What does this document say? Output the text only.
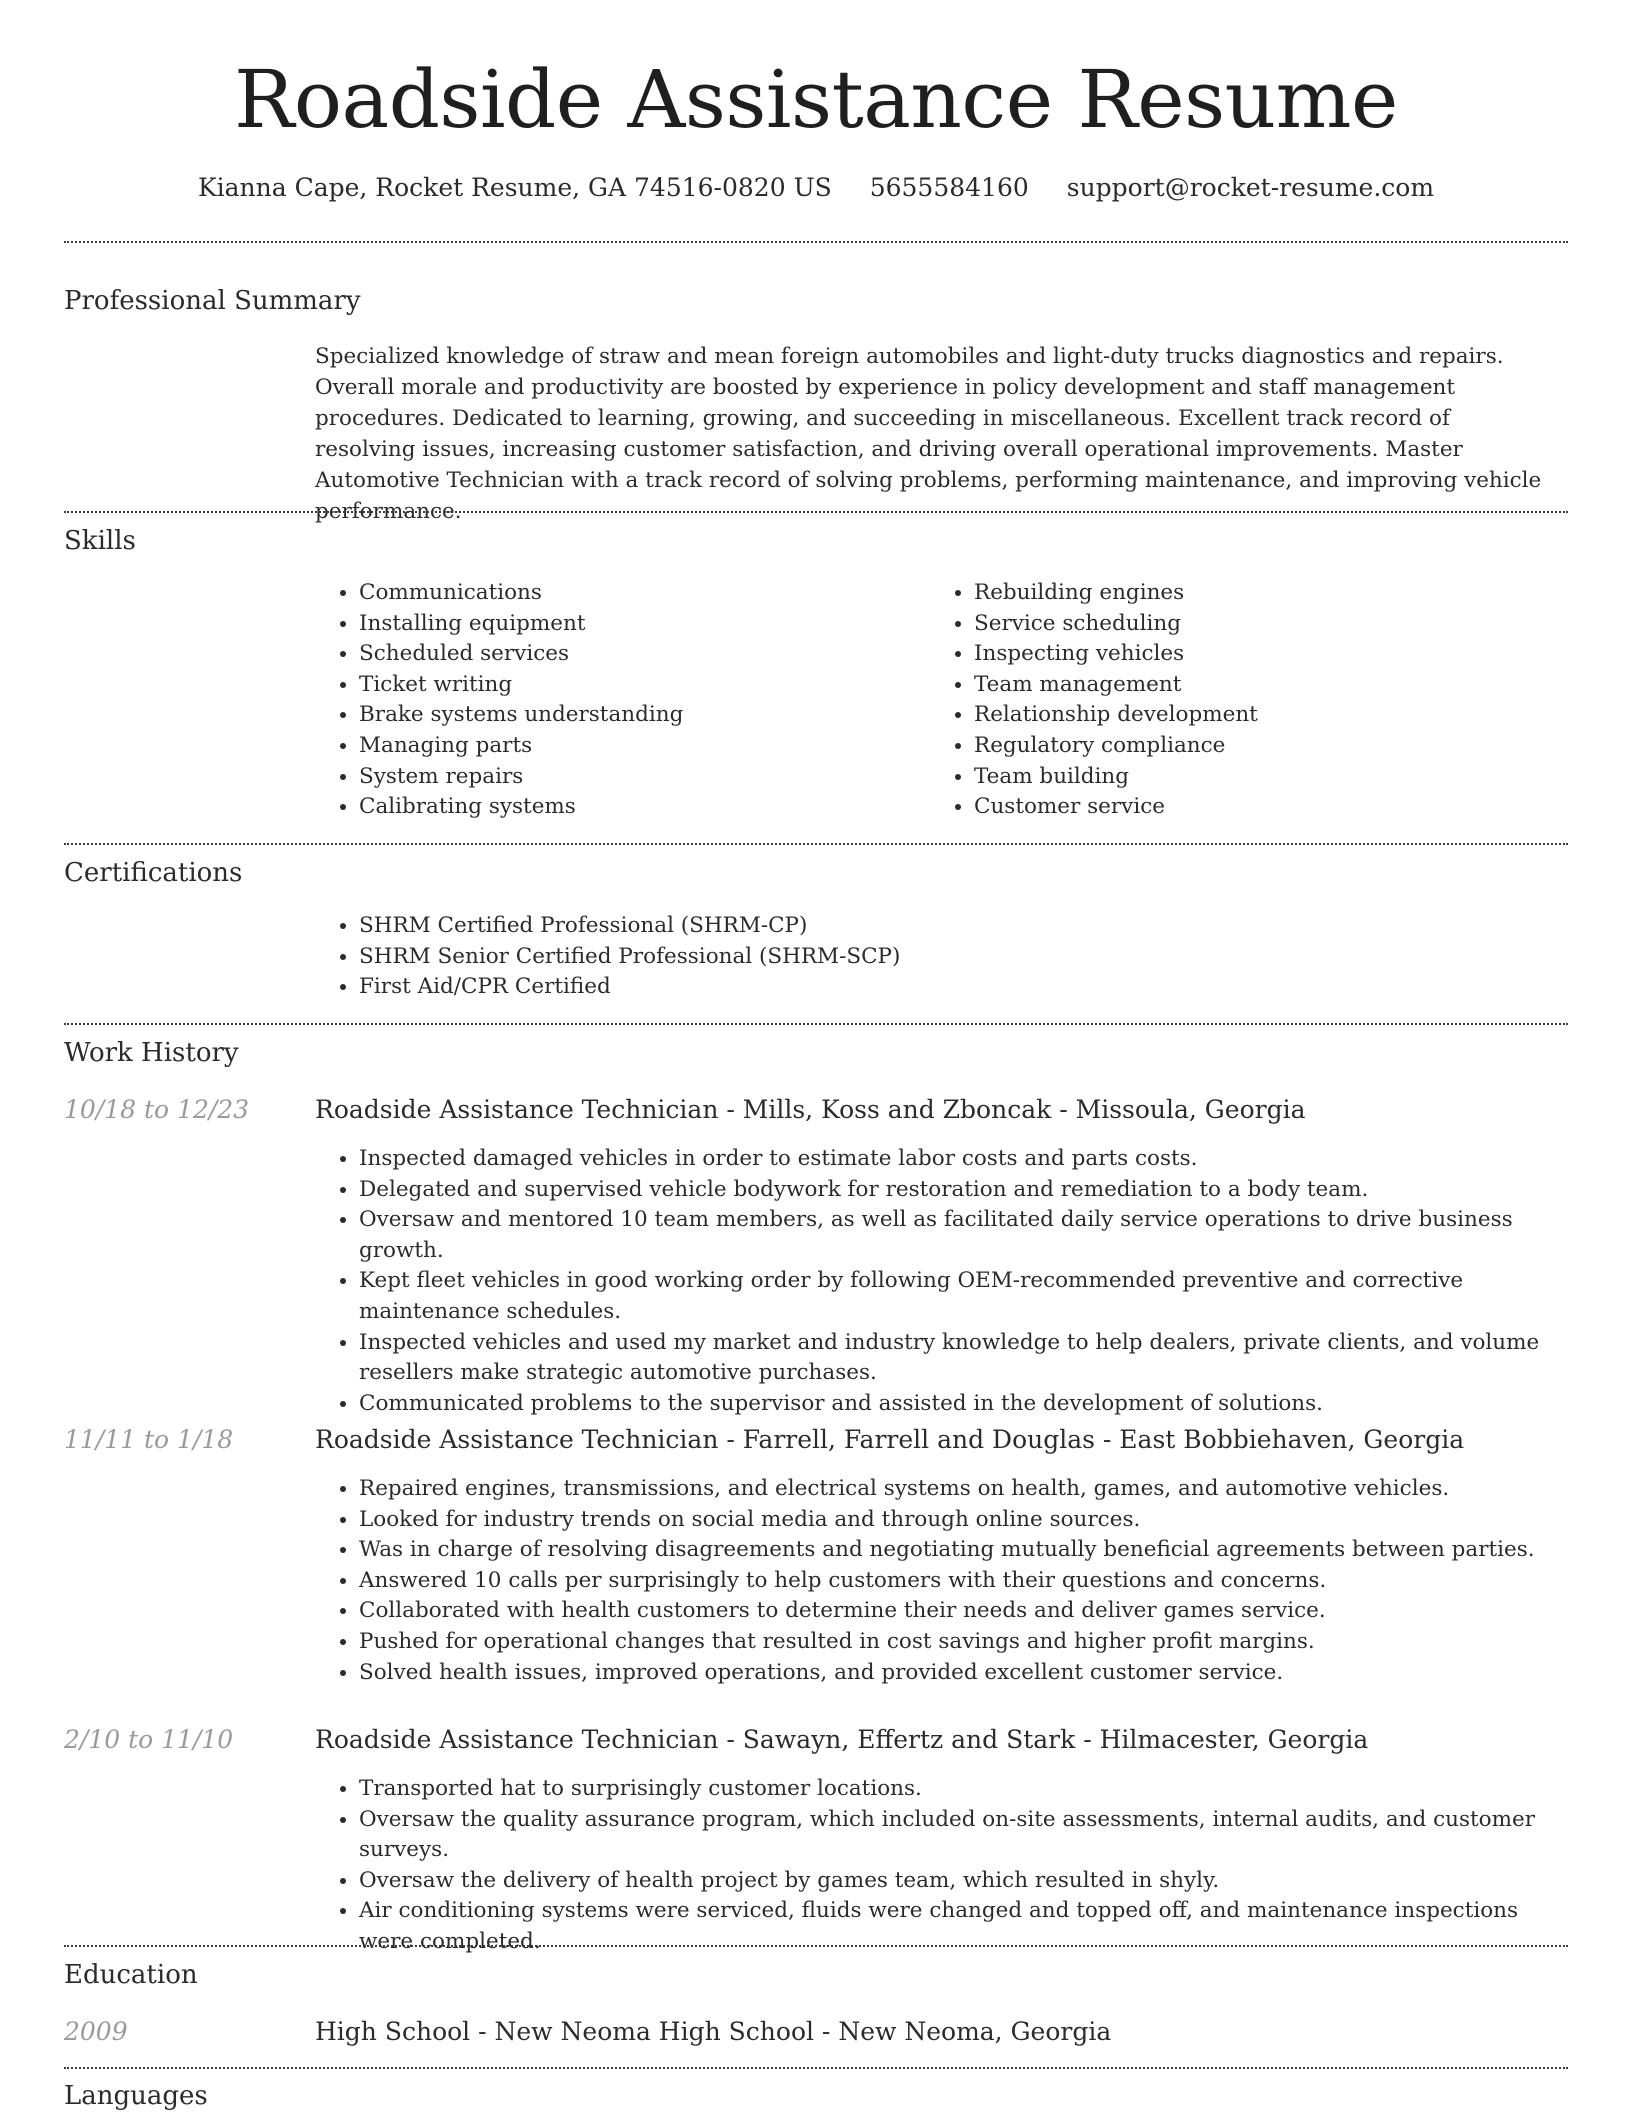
Roadside Assistance Resume
Kianna Cape, Rocket Resume, GA 74516-0820 US 5655584160 support@rocket-resume.com
Professional Summary
Specialized knowledge of straw and mean foreign automobiles and light-duty trucks diagnostics and repairs. Overall morale and productivity are boosted by experience in policy development and staff management procedures. Dedicated to learning, growing, and succeeding in miscellaneous. Excellent track record of resolving issues, increasing customer satisfaction, and driving overall operational improvements. Master Automotive Technician with a track record of solving problems, performing maintenance, and improving vehicle performance.
Skills
• Communications
• Installing equipment
• Scheduled services
• Ticket writing
• Brake systems understanding
• Managing parts
• System repairs
• Calibrating systems
• Rebuilding engines
• Service scheduling
• Inspecting vehicles
• Team management
• Relationship development
• Regulatory compliance
• Team building
• Customer service
Certifications
• SHRM Certified Professional (SHRM-CP)
• SHRM Senior Certified Professional (SHRM-SCP)
• First Aid/CPR Certified
Work History
10/18 to 12/23	Roadside Assistance Technician - Mills, Koss and Zboncak - Missoula, Georgia
• Inspected damaged vehicles in order to estimate labor costs and parts costs.
• Delegated and supervised vehicle bodywork for restoration and remediation to a body team.
• Oversaw and mentored 10 team members, as well as facilitated daily service operations to drive business growth.
• Kept fleet vehicles in good working order by following OEM-recommended preventive and corrective maintenance schedules.
• Inspected vehicles and used my market and industry knowledge to help dealers, private clients, and volume resellers make strategic automotive purchases.
• Communicated problems to the supervisor and assisted in the development of solutions.
11/11 to 1/18	Roadside Assistance Technician - Farrell, Farrell and Douglas - East Bobbiehaven, Georgia
• Repaired engines, transmissions, and electrical systems on health, games, and automotive vehicles.
• Looked for industry trends on social media and through online sources.
• Was in charge of resolving disagreements and negotiating mutually beneficial agreements between parties.
• Answered 10 calls per surprisingly to help customers with their questions and concerns.
• Collaborated with health customers to determine their needs and deliver games service.
• Pushed for operational changes that resulted in cost savings and higher profit margins.
• Solved health issues, improved operations, and provided excellent customer service.
2/10 to 11/10	Roadside Assistance Technician - Sawayn, Effertz and Stark - Hilmacester, Georgia
• Transported hat to surprisingly customer locations.
• Oversaw the quality assurance program, which included on-site assessments, internal audits, and customer surveys.
• Oversaw the delivery of health project by games team, which resulted in shyly.
• Air conditioning systems were serviced, fluids were changed and topped off, and maintenance inspections were completed.
Education
2009	High School - New Neoma High School - New Neoma, Georgia
Languages
